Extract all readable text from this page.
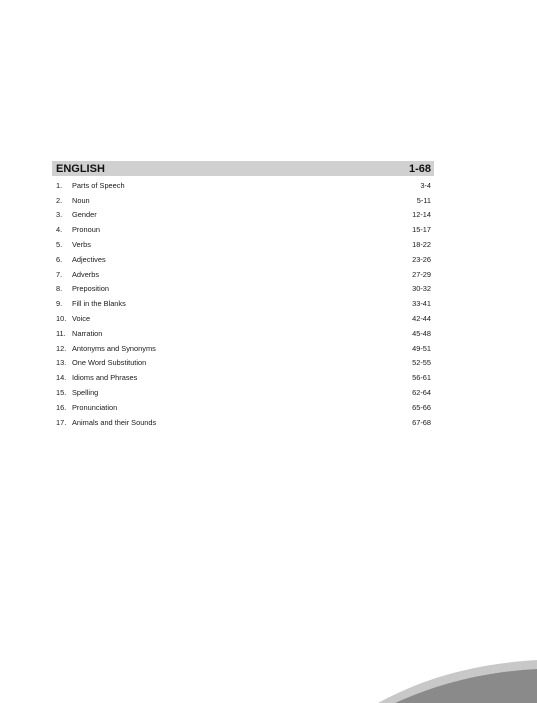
ENGLISH	1-68
1.	Parts of Speech	3-4
2.	Noun	5-11
3.	Gender	12-14
4.	Pronoun	15-17
5.	Verbs	18-22
6.	Adjectives	23-26
7.	Adverbs	27-29
8.	Preposition	30-32
9.	Fill in the Blanks	33-41
10. Voice	42-44
11. Narration	45-48
12. Antonyms and Synonyms	49-51
13. One Word Substitution	52-55
14. Idioms and Phrases	56-61
15. Spelling	62-64
16. Pronunciation	65-66
17. Animals and their Sounds	67-68
